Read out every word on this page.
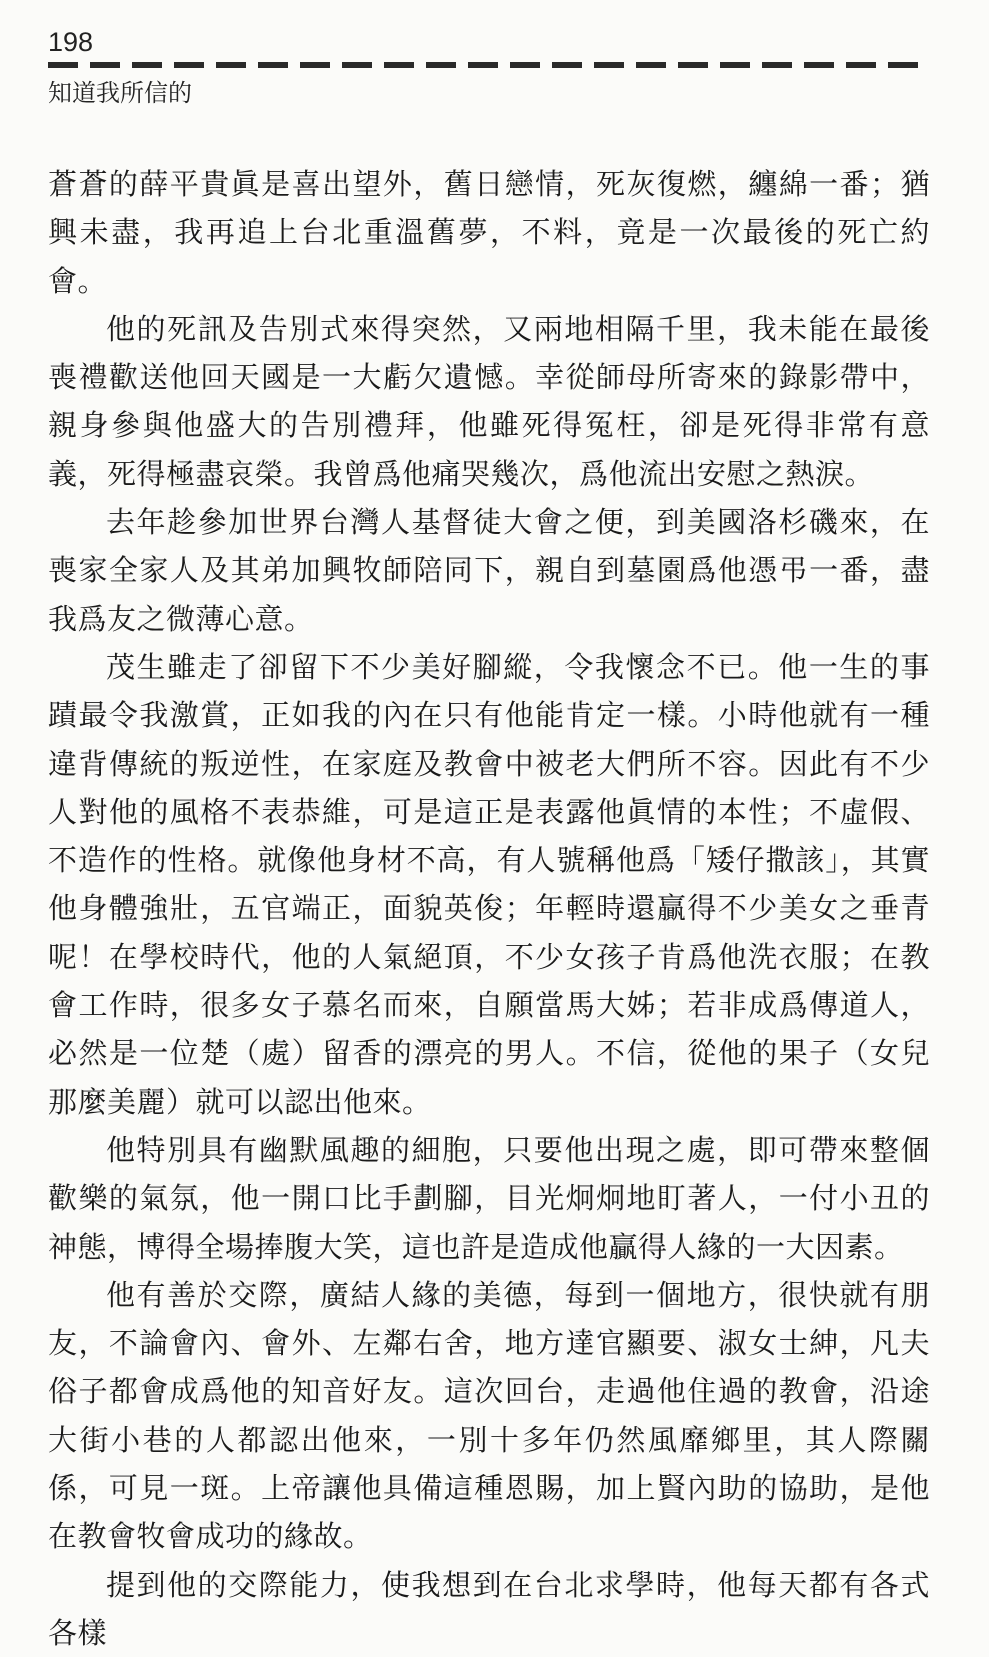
198
知道我所信的

蒼蒼的薛平貴眞是喜出望外，舊日戀情，死灰復燃，纏綿一番；猶興未盡，我再追上台北重溫舊夢，不料，竟是一次最後的死亡約會。

他的死訊及告別式來得突然，又兩地相隔千里，我未能在最後喪禮歡送他回天國是一大虧欠遺憾。幸從師母所寄來的錄影帶中，親身參與他盛大的告別禮拜，他雖死得冤枉，卻是死得非常有意義，死得極盡哀榮。我曾爲他痛哭幾次，爲他流出安慰之熱淚。

去年趁參加世界台灣人基督徒大會之便，到美國洛杉磯來，在喪家全家人及其弟加興牧師陪同下，親自到墓園爲他憑弔一番，盡我爲友之微薄心意。

茂生雖走了卻留下不少美好腳縱，令我懷念不已。他一生的事蹟最令我激賞，正如我的內在只有他能肯定一樣。小時他就有一種違背傳統的叛逆性，在家庭及教會中被老大們所不容。因此有不少人對他的風格不表恭維，可是這正是表露他眞情的本性；不虛假、不造作的性格。就像他身材不高，有人號稱他爲「矮仔撒該」，其實他身體強壯，五官端正，面貌英俊；年輕時還贏得不少美女之垂青呢！在學校時代，他的人氣絕頂，不少女孩子肯爲他洗衣服；在教會工作時，很多女子慕名而來，自願當馬大姊；若非成爲傳道人，必然是一位楚（處）留香的漂亮的男人。不信，從他的果子（女兒那麼美麗）就可以認出他來。

他特別具有幽默風趣的細胞，只要他出現之處，即可帶來整個歡樂的氣氛，他一開口比手劃腳，目光炯炯地盯著人，一付小丑的神態，博得全場捧腹大笑，這也許是造成他贏得人緣的一大因素。

他有善於交際，廣結人緣的美德，每到一個地方，很快就有朋友，不論會內、會外、左鄰右舍，地方達官顯要、淑女士紳，凡夫俗子都會成爲他的知音好友。這次回台，走過他住過的教會，沿途大街小巷的人都認出他來，一別十多年仍然風靡鄉里，其人際關係，可見一斑。上帝讓他具備這種恩賜，加上賢內助的協助，是他在教會牧會成功的緣故。

提到他的交際能力，使我想到在台北求學時，他每天都有各式各樣
